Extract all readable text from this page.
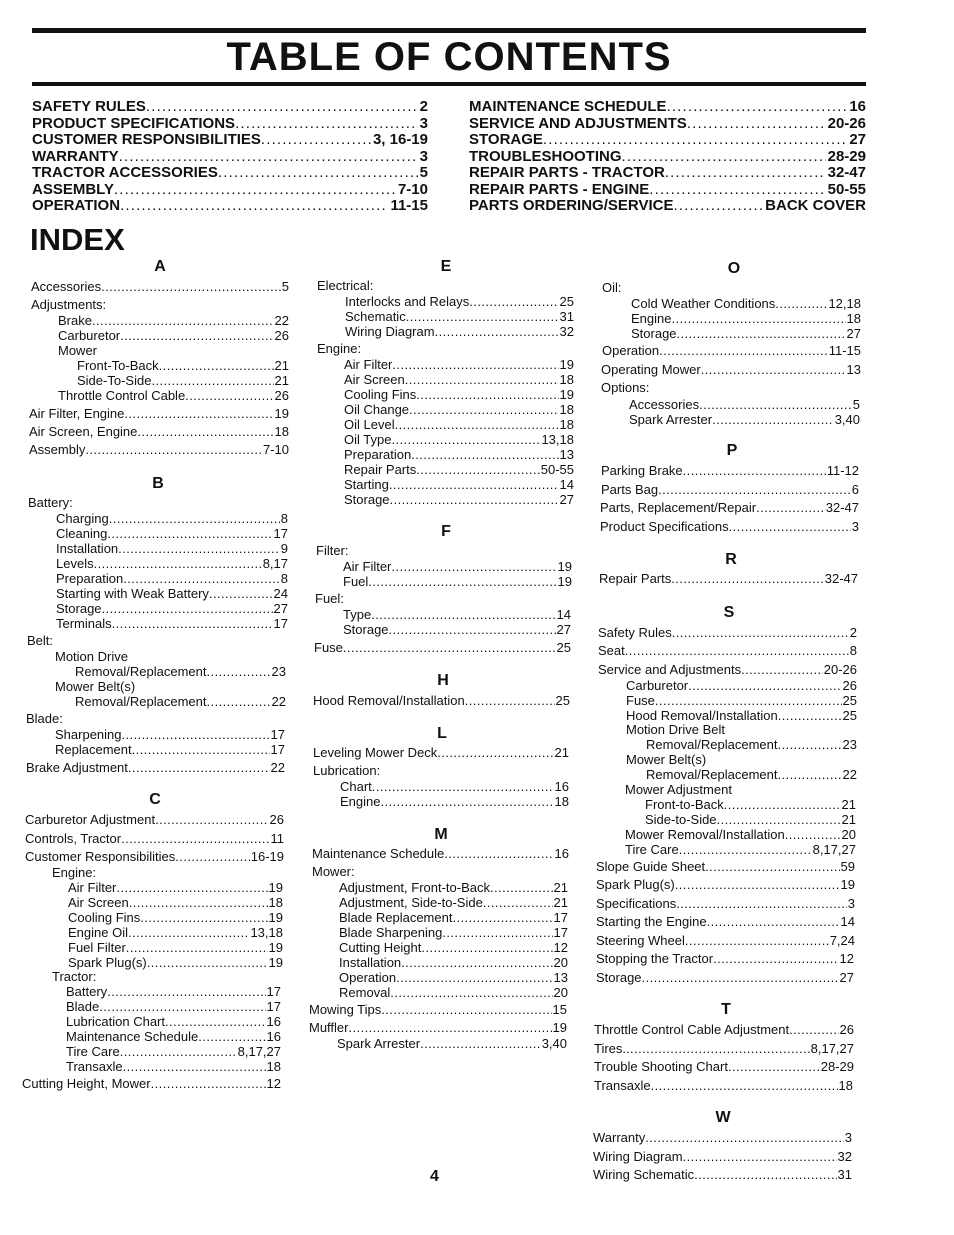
TABLE OF CONTENTS
SAFETY RULES . . .	2
PRODUCT SPECIFICATIONS . . .	3
CUSTOMER RESPONSIBILITIES . . .	3, 16-19
WARRANTY . . .	3
TRACTOR ACCESSORIES . . .	5
ASSEMBLY . . .	7-10
OPERATION . . .	11-15
MAINTENANCE SCHEDULE . . .	16
SERVICE AND ADJUSTMENTS . . .	20-26
STORAGE . . .	27
TROUBLESHOOTING . . .	28-29
REPAIR PARTS - TRACTOR . . .	32-47
REPAIR PARTS - ENGINE . . .	50-55
PARTS ORDERING/SERVICE . . .	BACK COVER
INDEX
4
A
Accessories . . .	5
Adjustments:
Brake . . .	22
Carburetor . . .	26
Mower
Front-To-Back . . .	21
Side-To-Side . . .	21
Throttle Control Cable . . .	26
Air Filter, Engine . . .	19
Air Screen, Engine . . .	18
Assembly . . .	7-10
B
Battery:
Charging . . .	8
Cleaning . . .	17
Installation . . .	9
Levels . . .	8,17
Preparation . . .	8
Starting with Weak Battery . . .	24
Storage . . .	27
Terminals . . .	17
Belt:
Motion Drive
Removal/Replacement . . .	23
Mower Belt(s)
Removal/Replacement . . .	22
Blade:
Sharpening . . .	17
Replacement . . .	17
Brake Adjustment . . .	22
C
Carburetor Adjustment . . .	26
Controls, Tractor . . .	11
Customer Responsibilities . . .	16-19
Engine:
Air Filter . . .	19
Air Screen . . .	18
Cooling Fins . . .	19
Engine Oil . . .	13,18
Fuel Filter . . .	19
Spark Plug(s) . . .	19
Tractor:
Battery . . .	17
Blade . . .	17
Lubrication Chart . . .	16
Maintenance Schedule . . .	16
Tire Care . . .	8,17,27
Transaxle . . .	18
Cutting Height, Mower . . .	12
E
Electrical:
Interlocks and Relays . . .	25
Schematic . . .	31
Wiring Diagram . . .	32
Engine:
Air Filter . . .	19
Air Screen . . .	18
Cooling Fins . . .	19
Oil Change . . .	18
Oil Level . . .	18
Oil Type . . .	13,18
Preparation . . .	13
Repair Parts . . .	50-55
Starting . . .	14
Storage . . .	27
F
Filter:
Air Filter . . .	19
Fuel . . .	19
Fuel:
Type . . .	14
Storage . . .	27
Fuse . . .	25
H
Hood Removal/Installation . . .	25
L
Leveling Mower Deck . . .	21
Lubrication:
Chart . . .	16
Engine . . .	18
M
Maintenance Schedule . . .	16
Mower:
Adjustment, Front-to-Back . . .	21
Adjustment, Side-to-Side . . .	21
Blade Replacement . . .	17
Blade Sharpening . . .	17
Cutting Height . . .	12
Installation . . .	20
Operation . . .	13
Removal . . .	20
Mowing Tips . . .	15
Muffler . . .	19
Spark Arrester . . .	3,40
O
Oil:
Cold Weather Conditions . . .	12,18
Engine . . .	18
Storage . . .	27
Operation . . .	11-15
Operating Mower . . .	13
Options:
Accessories . . .	5
Spark Arrester . . .	3,40
P
Parking Brake . . .	11-12
Parts Bag . . .	6
Parts, Replacement/Repair . . .	32-47
Product Specifications . . .	3
R
Repair Parts . . .	32-47
S
Safety Rules . . .	2
Seat . . .	8
Service and Adjustments . . .	20-26
Carburetor . . .	26
Fuse . . .	25
Hood Removal/Installation . . .	25
Motion Drive Belt
Removal/Replacement . . .	23
Mower Belt(s)
Removal/Replacement . . .	22
Mower Adjustment
Front-to-Back . . .	21
Side-to-Side . . .	21
Mower Removal/Installation . . .	20
Tire Care . . .	8,17,27
Slope Guide Sheet . . .	59
Spark Plug(s) . . .	19
Specifications . . .	3
Starting the Engine . . .	14
Steering Wheel . . .	7,24
Stopping the Tractor . . .	12
Storage . . .	27
T
Throttle Control Cable Adjustment . . .	26
Tires. . . .	8,17,27
Trouble Shooting Chart . . .	28-29
Transaxle . . .	18
W
Warranty . . .	3
Wiring Diagram . . .	32
Wiring Schematic . . .	31
